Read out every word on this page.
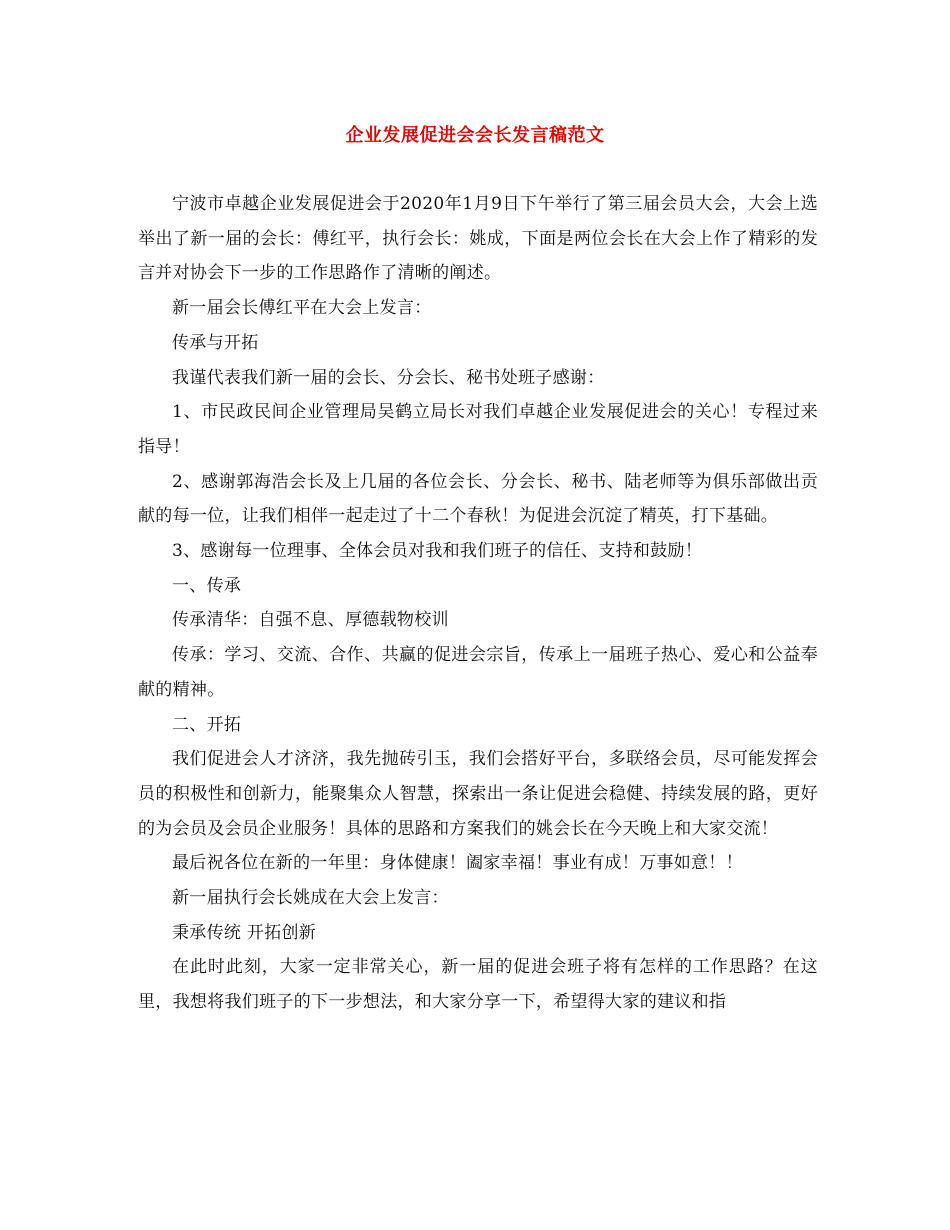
企业发展促进会会长发言稿范文

宁波市卓越企业发展促进会于2020年1月9日下午举行了第三届会员大会，大会上选举出了新一届的会长：傅红平，执行会长：姚成，下面是两位会长在大会上作了精彩的发言并对协会下一步的工作思路作了清晰的阐述。

新一届会长傅红平在大会上发言：

传承与开拓

我谨代表我们新一届的会长、分会长、秘书处班子感谢：

1、市民政民间企业管理局吴鹤立局长对我们卓越企业发展促进会的关心！专程过来指导！

2、感谢郭海浩会长及上几届的各位会长、分会长、秘书、陆老师等为俱乐部做出贡献的每一位，让我们相伴一起走过了十二个春秋！为促进会沉淀了精英，打下基础。

3、感谢每一位理事、全体会员对我和我们班子的信任、支持和鼓励！

一、传承

传承清华：自强不息、厚德载物校训

传承：学习、交流、合作、共赢的促进会宗旨，传承上一届班子热心、爱心和公益奉献的精神。

二、开拓

我们促进会人才济济，我先抛砖引玉，我们会搭好平台，多联络会员，尽可能发挥会员的积极性和创新力，能聚集众人智慧，探索出一条让促进会稳健、持续发展的路，更好的为会员及会员企业服务！具体的思路和方案我们的姚会长在今天晚上和大家交流！

最后祝各位在新的一年里：身体健康！阖家幸福！事业有成！万事如意！！

新一届执行会长姚成在大会上发言：

秉承传统 开拓创新

在此时此刻，大家一定非常关心，新一届的促进会班子将有怎样的工作思路？在这里，我想将我们班子的下一步想法，和大家分享一下，希望得大家的建议和指
